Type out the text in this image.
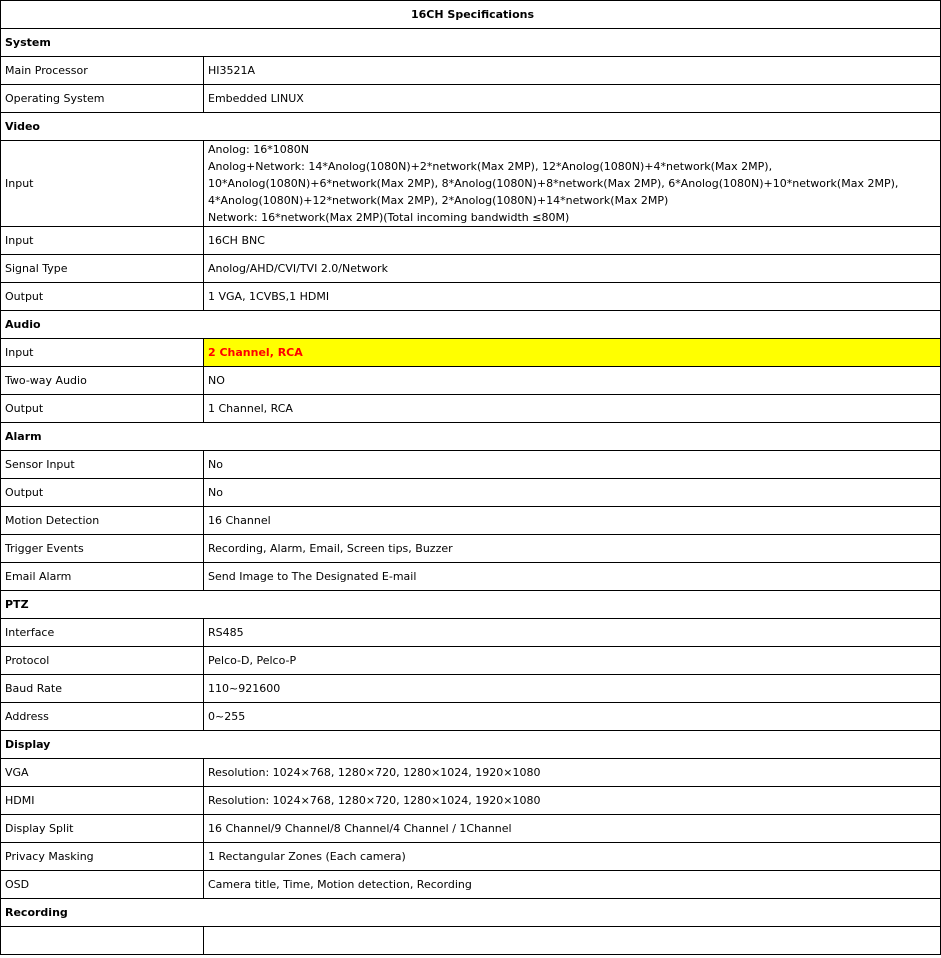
16CH Specifications	
System	
Main Processor	HI3521A
Operating System	Embedded LINUX
Video	
Input	Anolog: 16*1080N
Anolog+Network: 14*Anolog(1080N)+2*network(Max 2MP), 12*Anolog(1080N)+4*network(Max 2MP),
10*Anolog(1080N)+6*network(Max 2MP), 8*Anolog(1080N)+8*network(Max 2MP), 6*Anolog(1080N)+10*network(Max 2MP),
4*Anolog(1080N)+12*network(Max 2MP), 2*Anolog(1080N)+14*network(Max 2MP)
Network: 16*network(Max 2MP)(Total incoming bandwidth ≤80M)

Input	16CH BNC
Signal Type	Anolog/AHD/CVI/TVI 2.0/Network
Output	1 VGA, 1CVBS,1 HDMI
Audio	
Input	2 Channel, RCA
Two-way Audio	NO
Output	1 Channel, RCA
Alarm	
Sensor Input	No
Output	No
Motion Detection	16 Channel
Trigger Events	Recording, Alarm, Email, Screen tips, Buzzer
Email Alarm	Send Image to The Designated E-mail
PTZ	
Interface	RS485
Protocol	Pelco-D, Pelco-P
Baud Rate	110~921600
Address	0~255
Display	
VGA	Resolution: 1024×768, 1280×720, 1280×1024, 1920×1080
HDMI	Resolution: 1024×768, 1280×720, 1280×1024, 1920×1080
Display Split	16 Channel/9 Channel/8 Channel/4 Channel / 1Channel
Privacy Masking	1 Rectangular Zones (Each camera)
OSD	Camera title, Time, Motion detection, Recording
Recording	
